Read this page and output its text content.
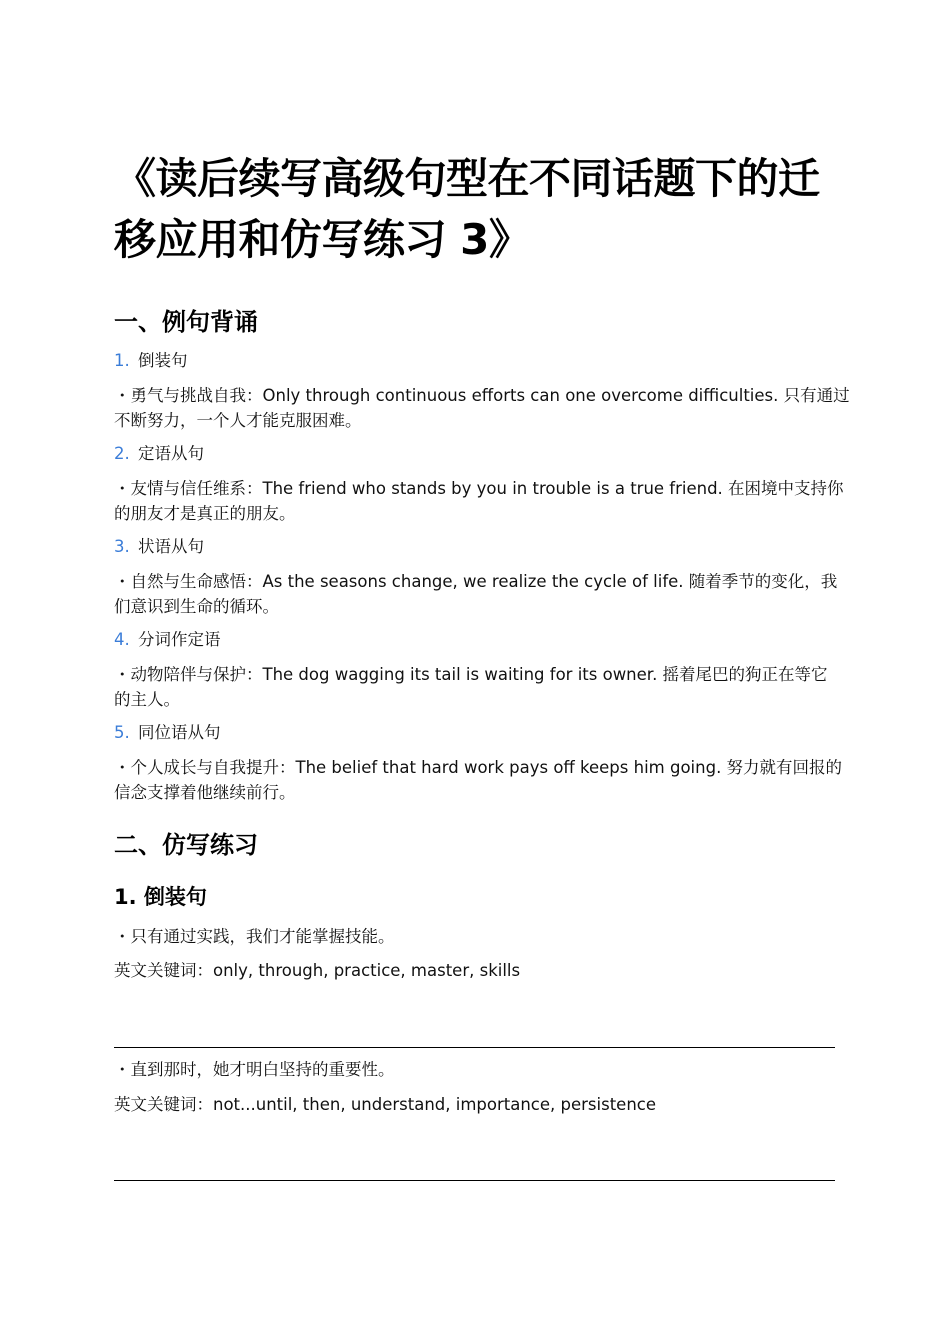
《读后续写高级句型在不同话题下的迁
移应用和仿写练习 3》
一、例句背诵
1. 倒装句
・勇气与挑战自我：Only through continuous efforts can one overcome difficulties. 只有通过
不断努力，一个人才能克服困难。
2. 定语从句
・友情与信任维系：The friend who stands by you in trouble is a true friend. 在困境中支持你
的朋友才是真正的朋友。
3. 状语从句
・自然与生命感悟：As the seasons change, we realize the cycle of life. 随着季节的变化，我
们意识到生命的循环。
4. 分词作定语
・动物陪伴与保护：The dog wagging its tail is waiting for its owner. 摇着尾巴的狗正在等它
的主人。
5. 同位语从句
・个人成长与自我提升：The belief that hard work pays off keeps him going. 努力就有回报的
信念支撑着他继续前行。
二、仿写练习
1. 倒装句
・只有通过实践，我们才能掌握技能。
英文关键词：only, through, practice, master, skills
・直到那时，她才明白坚持的重要性。
英文关键词：not...until, then, understand, importance, persistence
